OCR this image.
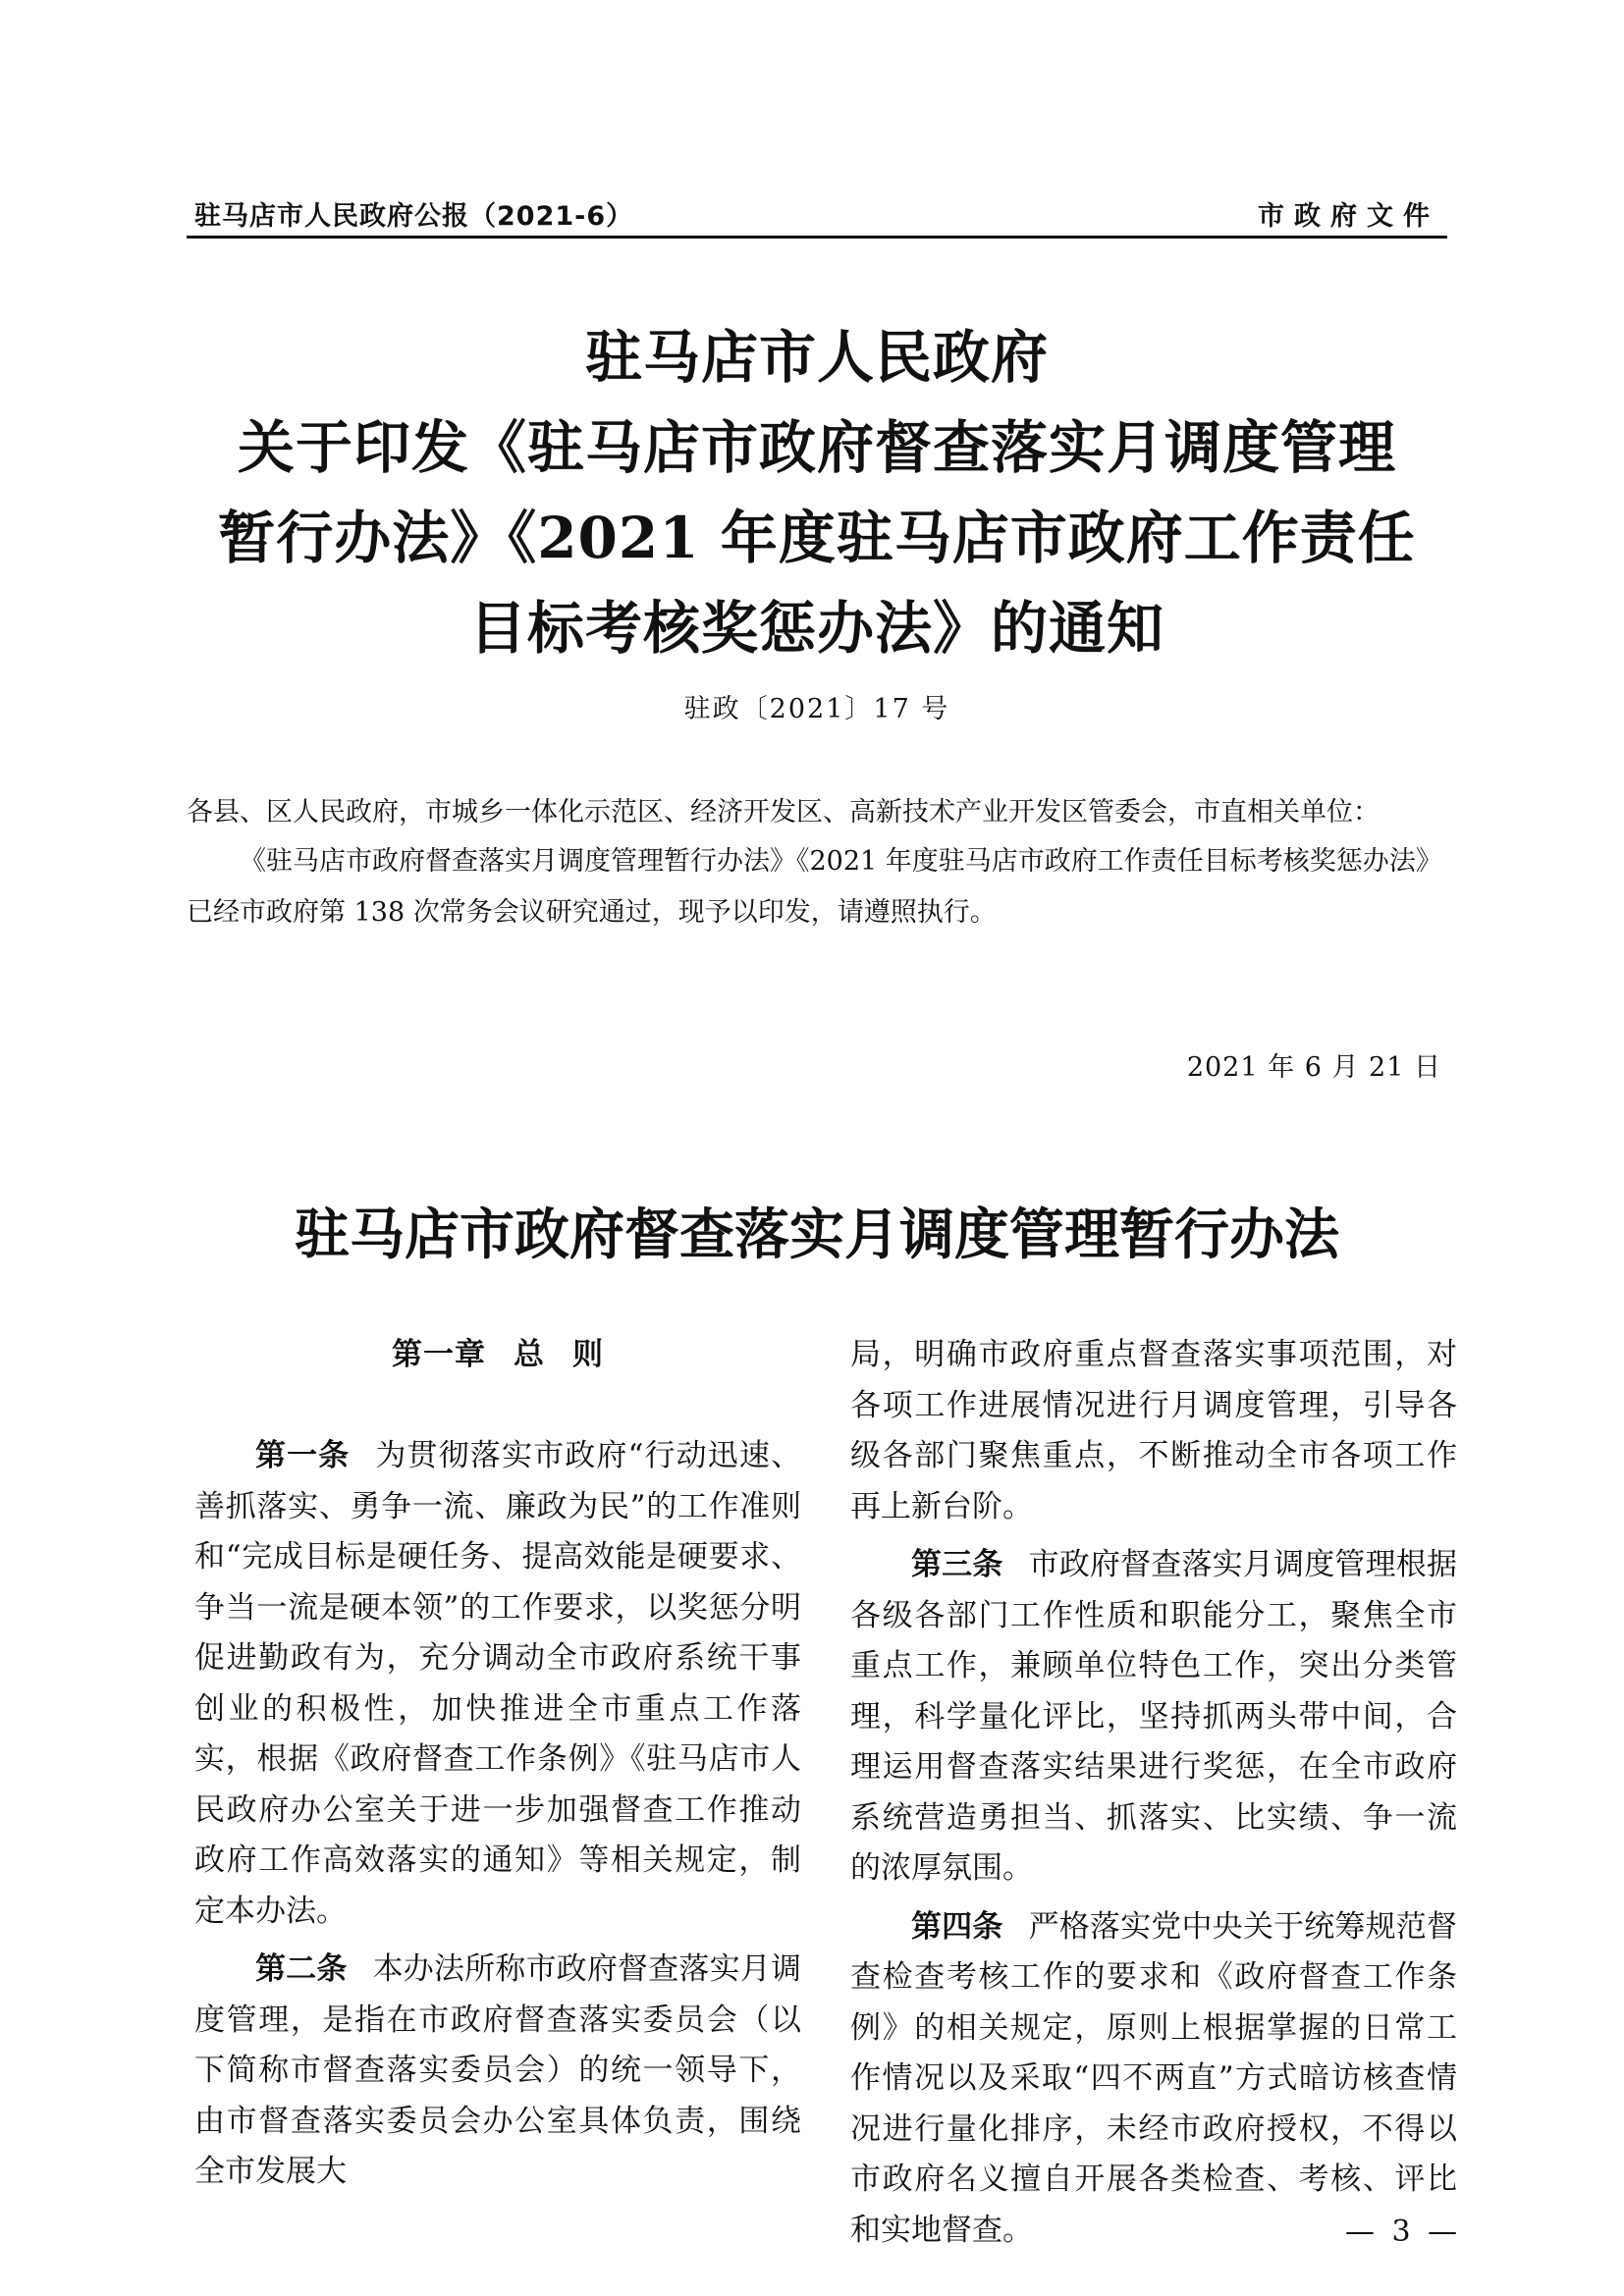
驻马店市人民政府公报（2021-6）	市政府文件
驻马店市人民政府
关于印发《驻马店市政府督查落实月调度管理
暂行办法》《2021 年度驻马店市政府工作责任
目标考核奖惩办法》的通知
驻政〔2021〕17 号
各县、区人民政府，市城乡一体化示范区、经济开发区、高新技术产业开发区管委会，市直相关单位：
《驻马店市政府督查落实月调度管理暂行办法》《2021 年度驻马店市政府工作责任目标考核奖惩办法》已经市政府第 138 次常务会议研究通过，现予以印发，请遵照执行。
2021 年 6 月 21 日
驻马店市政府督查落实月调度管理暂行办法
第一章 总 则

第一条 为贯彻落实市政府“行动迅速、善抓落实、勇争一流、廉政为民”的工作准则和“完成目标是硬任务、提高效能是硬要求、争当一流是硬本领”的工作要求，以奖惩分明促进勤政有为，充分调动全市政府系统干事创业的积极性，加快推进全市重点工作落实，根据《政府督查工作条例》《驻马店市人民政府办公室关于进一步加强督查工作推动政府工作高效落实的通知》等相关规定，制定本办法。

第二条 本办法所称市政府督查落实月调度管理，是指在市政府督查落实委员会（以下简称市督查落实委员会）的统一领导下，由市督查落实委员会办公室具体负责，围绕全市发展大

局，明确市政府重点督查落实事项范围，对各项工作进展情况进行月调度管理，引导各级各部门聚焦重点，不断推动全市各项工作再上新台阶。

第三条 市政府督查落实月调度管理根据各级各部门工作性质和职能分工，聚焦全市重点工作，兼顾单位特色工作，突出分类管理，科学量化评比，坚持抓两头带中间，合理运用督查落实结果进行奖惩，在全市政府系统营造勇担当、抓落实、比实绩、争一流的浓厚氛围。

第四条 严格落实党中央关于统筹规范督查检查考核工作的要求和《政府督查工作条例》的相关规定，原则上根据掌握的日常工作情况以及采取“四不两直”方式暗访核查情况进行量化排序，未经市政府授权，不得以市政府名义擅自开展各类检查、考核、评比和实地督查。	— 3 —
